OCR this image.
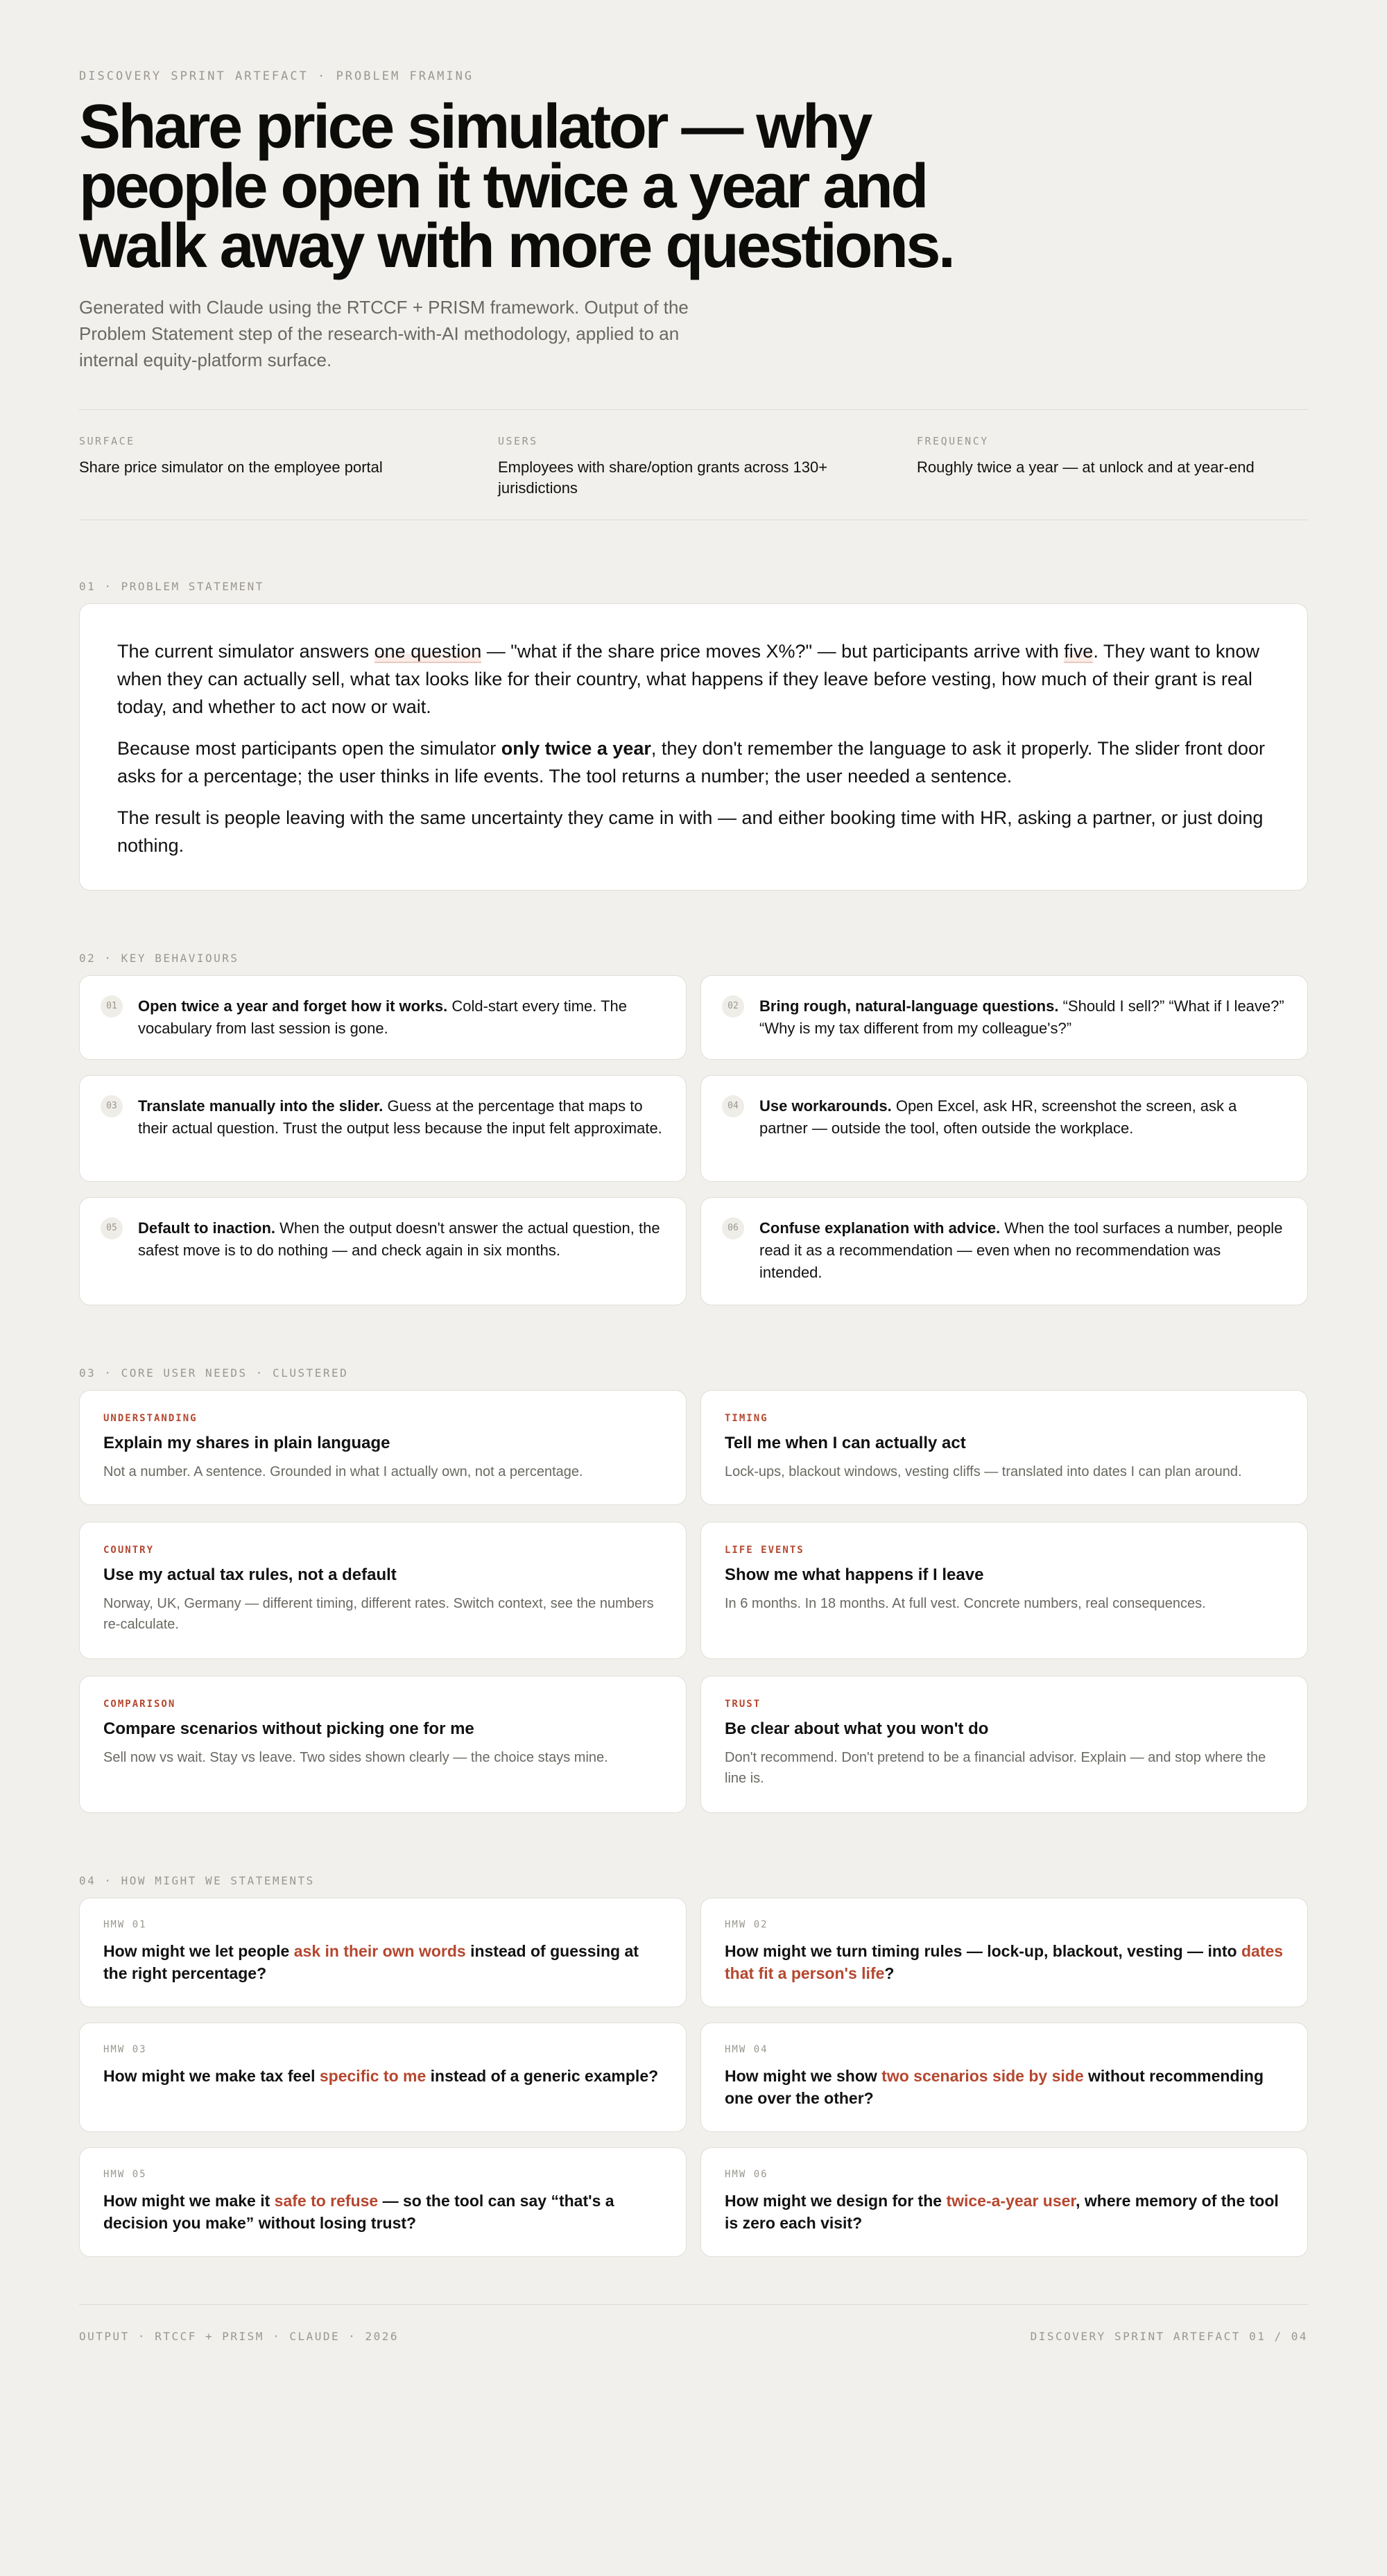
DISCOVERY SPRINT ARTEFACT · PROBLEM FRAMING
Share price simulator — why people open it twice a year and walk away with more questions.
Generated with Claude using the RTCCF + PRISM framework. Output of the Problem Statement step of the research-with-AI methodology, applied to an internal equity-platform surface.
SURFACE
Share price simulator on the employee portal
USERS
Employees with share/option grants across 130+ jurisdictions
FREQUENCY
Roughly twice a year — at unlock and at year-end
01 · PROBLEM STATEMENT

The current simulator answers one question — "what if the share price moves X%?" — but participants arrive with five. They want to know when they can actually sell, what tax looks like for their country, what happens if they leave before vesting, how much of their grant is real today, and whether to act now or wait.

Because most participants open the simulator only twice a year, they don't remember the language to ask it properly. The slider front door asks for a percentage; the user thinks in life events. The tool returns a number; the user needed a sentence.

The result is people leaving with the same uncertainty they came in with — and either booking time with HR, asking a partner, or just doing nothing.

02 · KEY BEHAVIOURS
01	Open twice a year and forget how it works. Cold-start every time. The vocabulary from last session is gone.
02	Bring rough, natural-language questions. “Should I sell?” “What if I leave?” “Why is my tax different from my colleague's?”
03	Translate manually into the slider. Guess at the percentage that maps to their actual question. Trust the output less because the input felt approximate.
04	Use workarounds. Open Excel, ask HR, screenshot the screen, ask a partner — outside the tool, often outside the workplace.
05	Default to inaction. When the output doesn't answer the actual question, the safest move is to do nothing — and check again in six months.
06	Confuse explanation with advice. When the tool surfaces a number, people read it as a recommendation — even when no recommendation was intended.
03 · CORE USER NEEDS · CLUSTERED
UNDERSTANDING
Explain my shares in plain language
Not a number. A sentence. Grounded in what I actually own, not a percentage.
TIMING
Tell me when I can actually act
Lock-ups, blackout windows, vesting cliffs — translated into dates I can plan around.
COUNTRY
Use my actual tax rules, not a default
Norway, UK, Germany — different timing, different rates. Switch context, see the numbers re-calculate.
LIFE EVENTS
Show me what happens if I leave
In 6 months. In 18 months. At full vest. Concrete numbers, real consequences.
COMPARISON
Compare scenarios without picking one for me
Sell now vs wait. Stay vs leave. Two sides shown clearly — the choice stays mine.
TRUST
Be clear about what you won't do
Don't recommend. Don't pretend to be a financial advisor. Explain — and stop where the line is.
04 · HOW MIGHT WE STATEMENTS
HMW 01
How might we let people ask in their own words instead of guessing at the right percentage?
HMW 02
How might we turn timing rules — lock-up, blackout, vesting — into dates that fit a person's life?
HMW 03
How might we make tax feel specific to me instead of a generic example?
HMW 04
How might we show two scenarios side by side without recommending one over the other?
HMW 05
How might we make it safe to refuse — so the tool can say “that's a decision you make” without losing trust?
HMW 06
How might we design for the twice-a-year user, where memory of the tool is zero each visit?
OUTPUT · RTCCF + PRISM · CLAUDE · 2026	DISCOVERY SPRINT ARTEFACT 01 / 04
